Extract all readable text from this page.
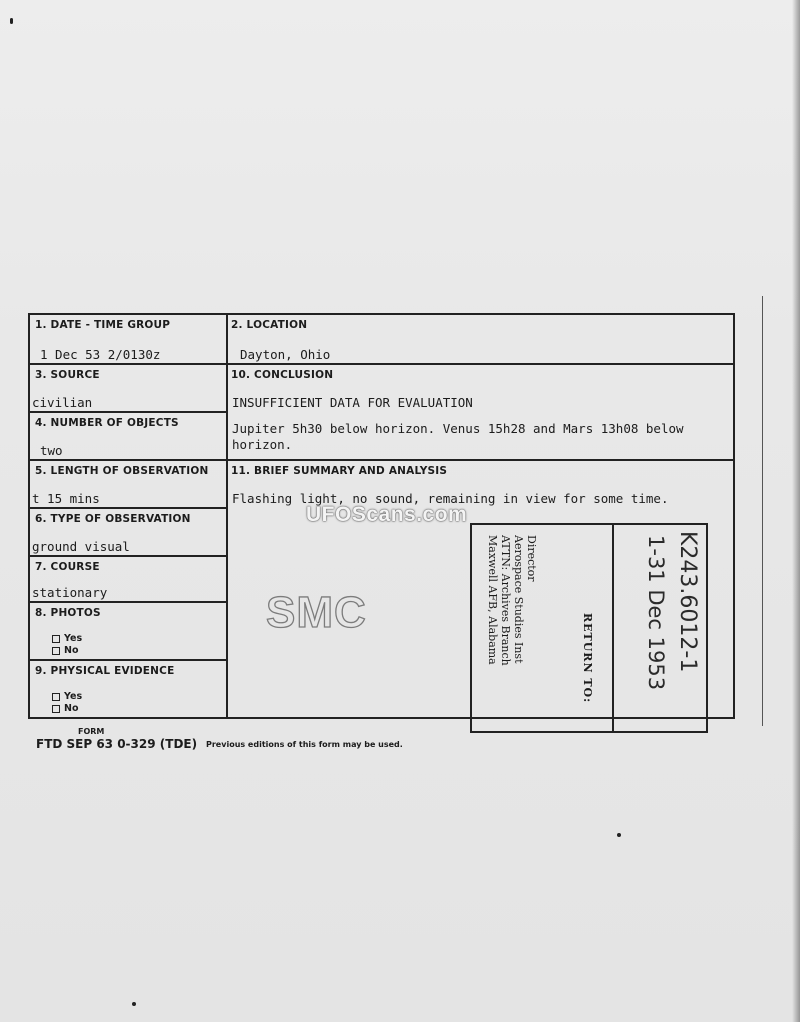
1. DATE - TIME GROUP
1 Dec 53 2/0130z
3. SOURCE
civilian
4. NUMBER OF OBJECTS
two
5. LENGTH OF OBSERVATION
t 15 mins
6. TYPE OF OBSERVATION
ground visual
7. COURSE
stationary
8. PHOTOS
Yes
No
9. PHYSICAL EVIDENCE
Yes
No
2. LOCATION
Dayton, Ohio
10. CONCLUSION
INSUFFICIENT DATA FOR EVALUATION
Jupiter 5h30 below horizon. Venus 15h28 and Mars 13h08 below
horizon.
11. BRIEF SUMMARY AND ANALYSIS
Flashing light, no sound, remaining in view for some time.
SMC
Director
Aerospace Studies Inst
ATTN: Archives Branch
Maxwell AFB, Alabama	RETURN TO:	K243.6012-1
1-31 Dec 1953
UFOScans.com
FORM
FTD SEP 63 0-329 (TDE) Previous editions of this form may be used.
